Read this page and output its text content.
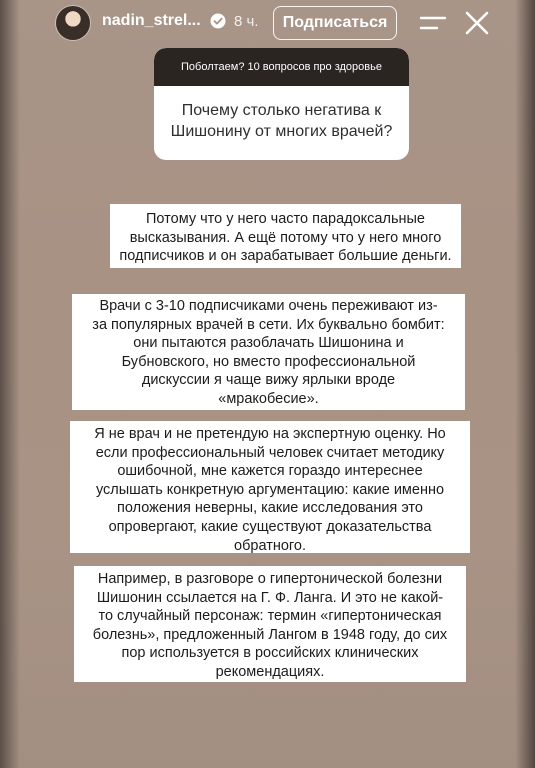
nadin_strel... 8 ч.	Подписаться
Поболтаем? 10 вопросов про здоровье
Почему столько негатива к
Шишонину от многих врачей?
Потому что у него часто парадоксальные
высказывания. А ещё потому что у него много
подписчиков и он зарабатывает большие деньги.
Врачи с 3-10 подписчиками очень переживают из-
за популярных врачей в сети. Их буквально бомбит:
они пытаются разоблачать Шишонина и
Бубновского, но вместо профессиональной
дискуссии я чаще вижу ярлыки вроде
«мракобесие».
Я не врач и не претендую на экспертную оценку. Но
если профессиональный человек считает методику
ошибочной, мне кажется гораздо интереснее
услышать конкретную аргументацию: какие именно
положения неверны, какие исследования это
опровергают, какие существуют доказательства
обратного.
Например, в разговоре о гипертонической болезни
Шишонин ссылается на Г. Ф. Ланга. И это не какой-
то случайный персонаж: термин «гипертоническая
болезнь», предложенный Лангом в 1948 году, до сих
пор используется в российских клинических
рекомендациях.
